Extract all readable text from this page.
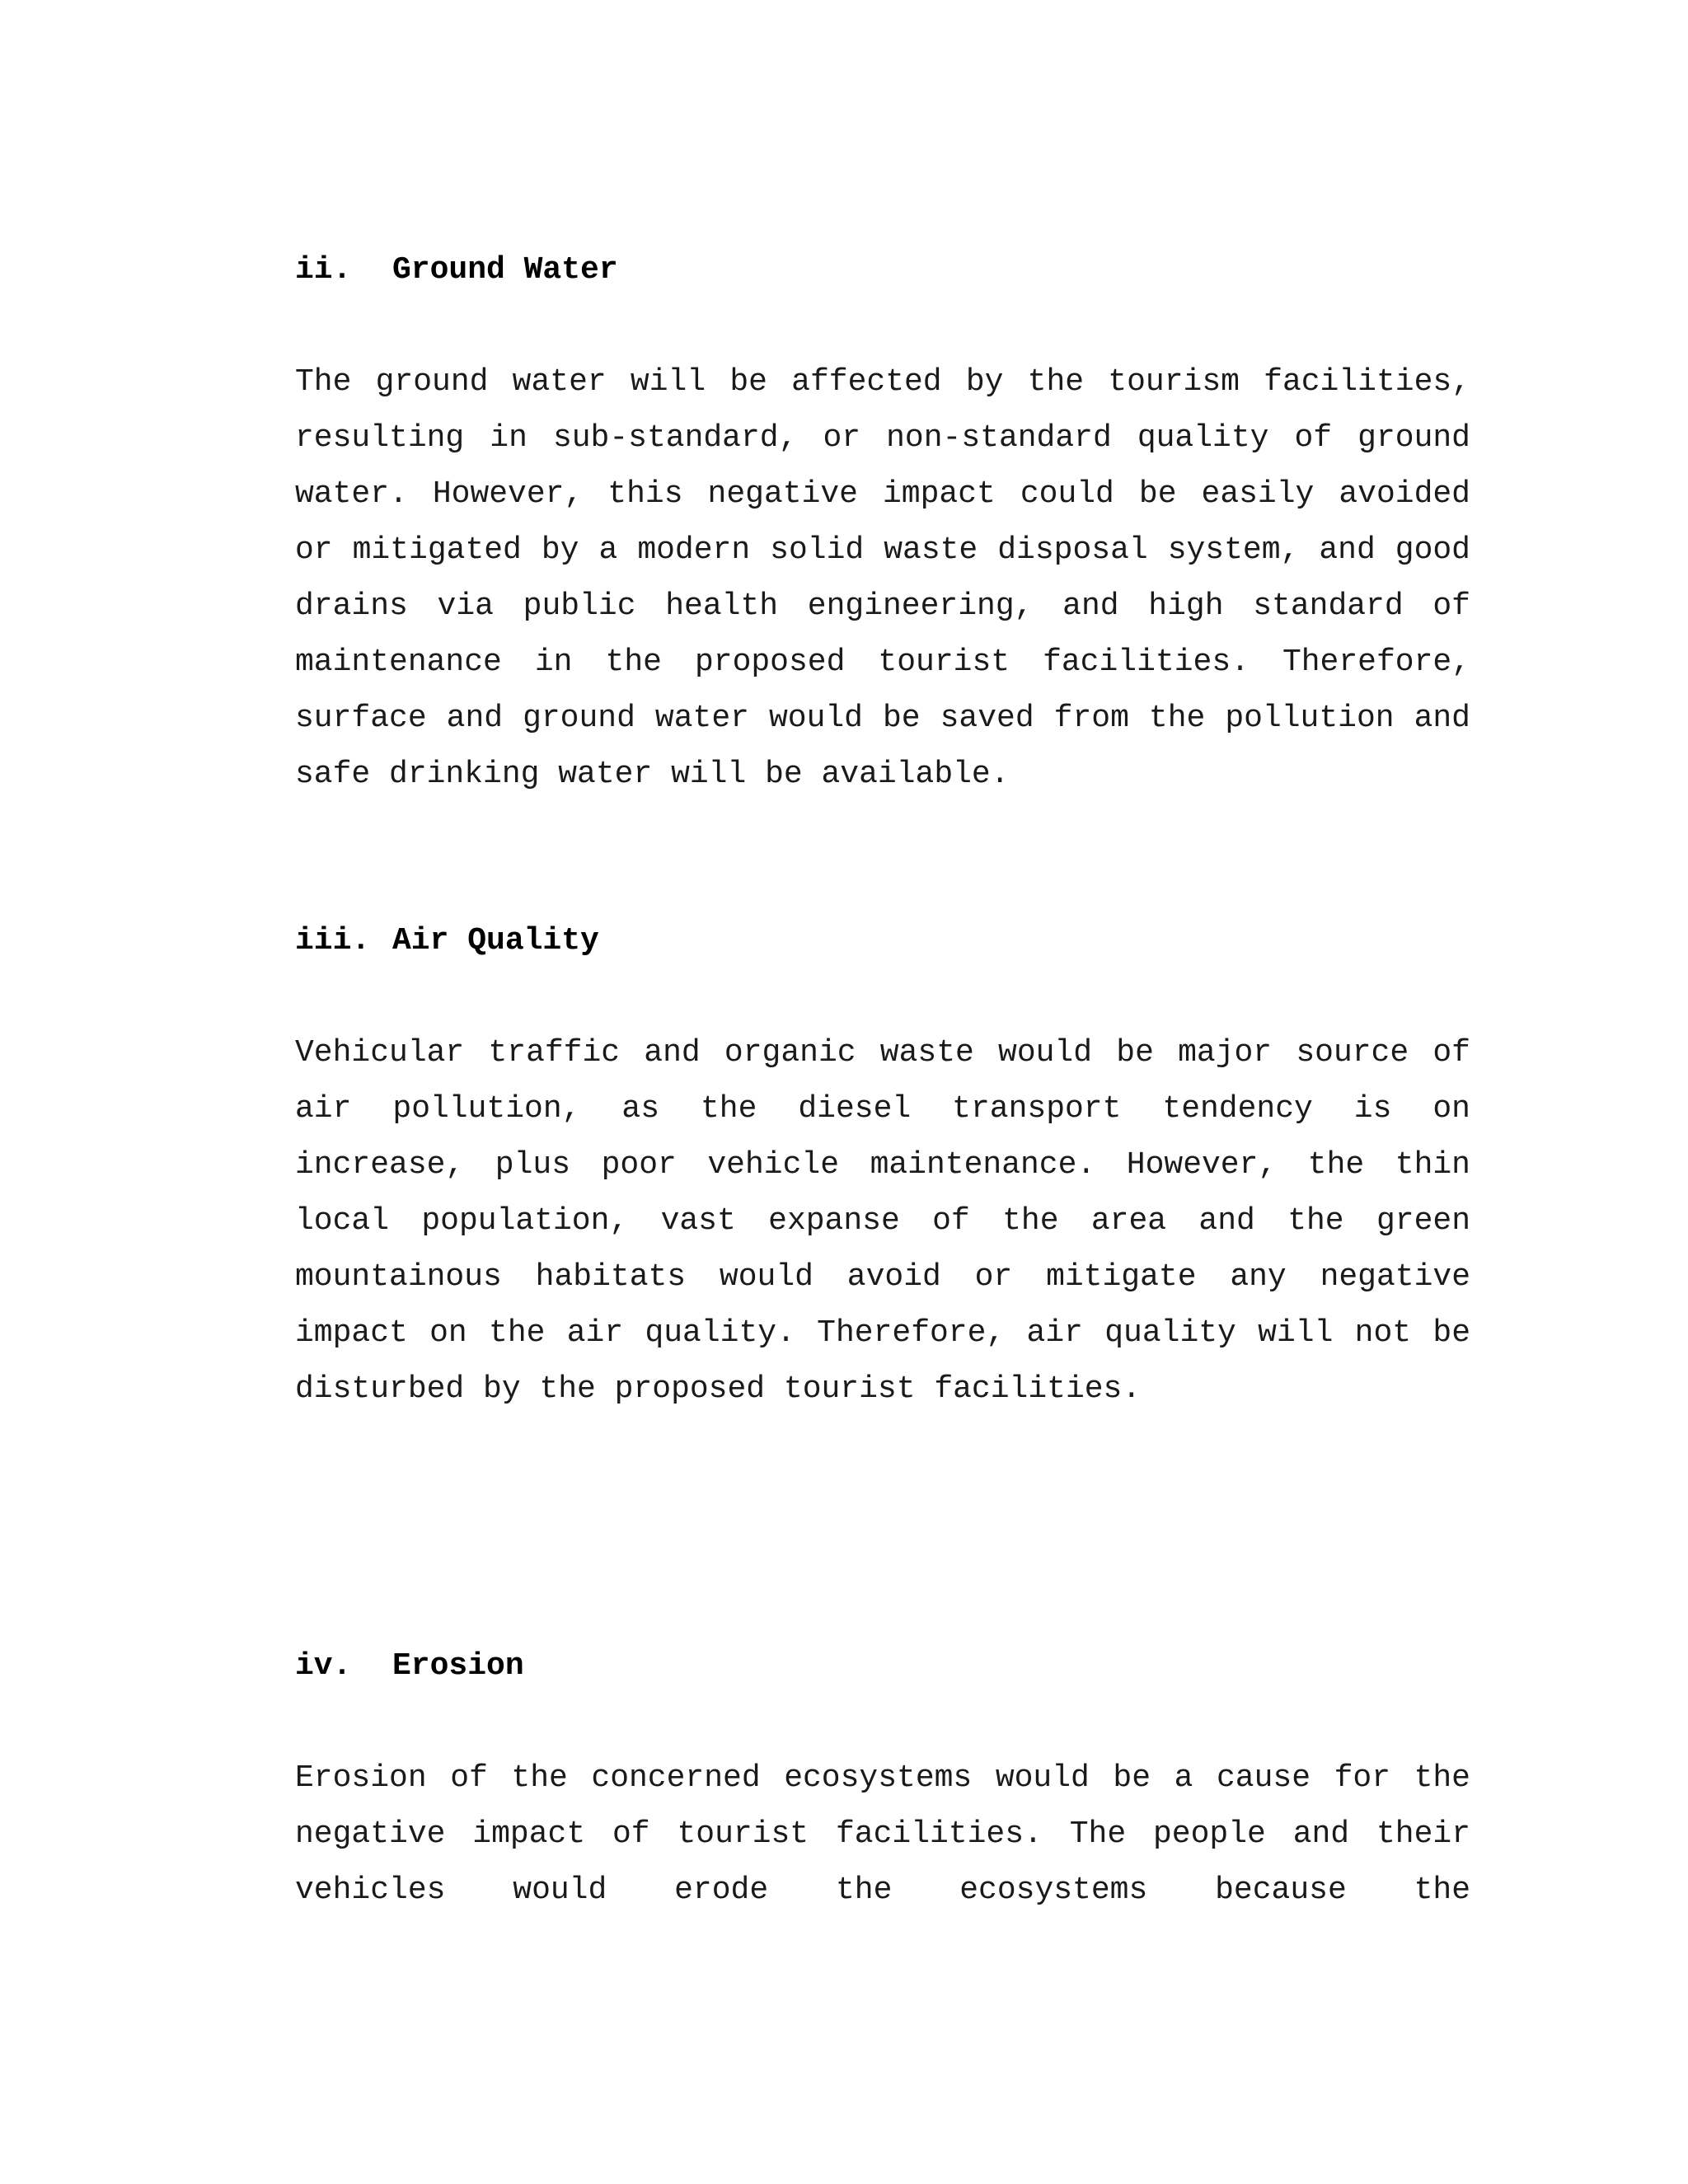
ii. Ground Water

The ground water will be affected by the tourism facilities, resulting in sub-standard, or non-standard quality of ground water. However, this negative impact could be easily avoided or mitigated by a modern solid waste disposal system, and good drains via public health engineering, and high standard of maintenance in the proposed tourist facilities. Therefore, surface and ground water would be saved from the pollution and safe drinking water will be available.

iii. Air Quality

Vehicular traffic and organic waste would be major source of air pollution, as the diesel transport tendency is on increase, plus poor vehicle maintenance. However, the thin local population, vast expanse of the area and the green mountainous habitats would avoid or mitigate any negative impact on the air quality. Therefore, air quality will not be disturbed by the proposed tourist facilities.

iv. Erosion

Erosion of the concerned ecosystems would be a cause for the negative impact of tourist facilities. The people and their vehicles would erode the ecosystems because the
